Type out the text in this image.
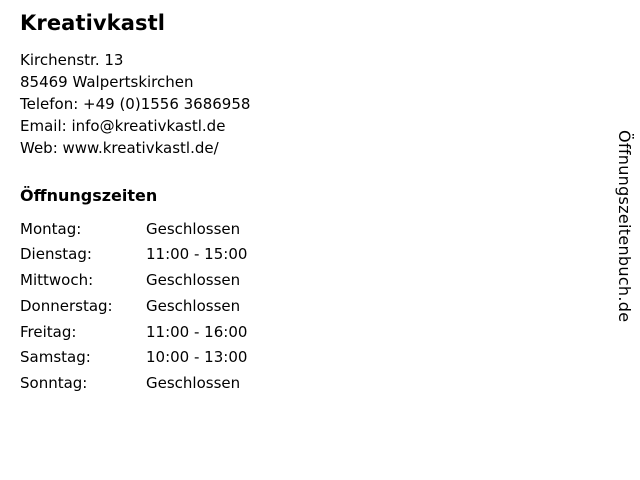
Kreativkastl
Kirchenstr. 13
85469 Walpertskirchen
Telefon: +49 (0)1556 3686958
Email: info@kreativkastl.de
Web: www.kreativkastl.de/
Öffnungszeiten
Montag:	Geschlossen
Dienstag:	11:00 - 15:00
Mittwoch:	Geschlossen
Donnerstag:	Geschlossen
Freitag:	11:00 - 16:00
Samstag:	10:00 - 13:00
Sonntag:	Geschlossen
Öffnungszeitenbuch.de
